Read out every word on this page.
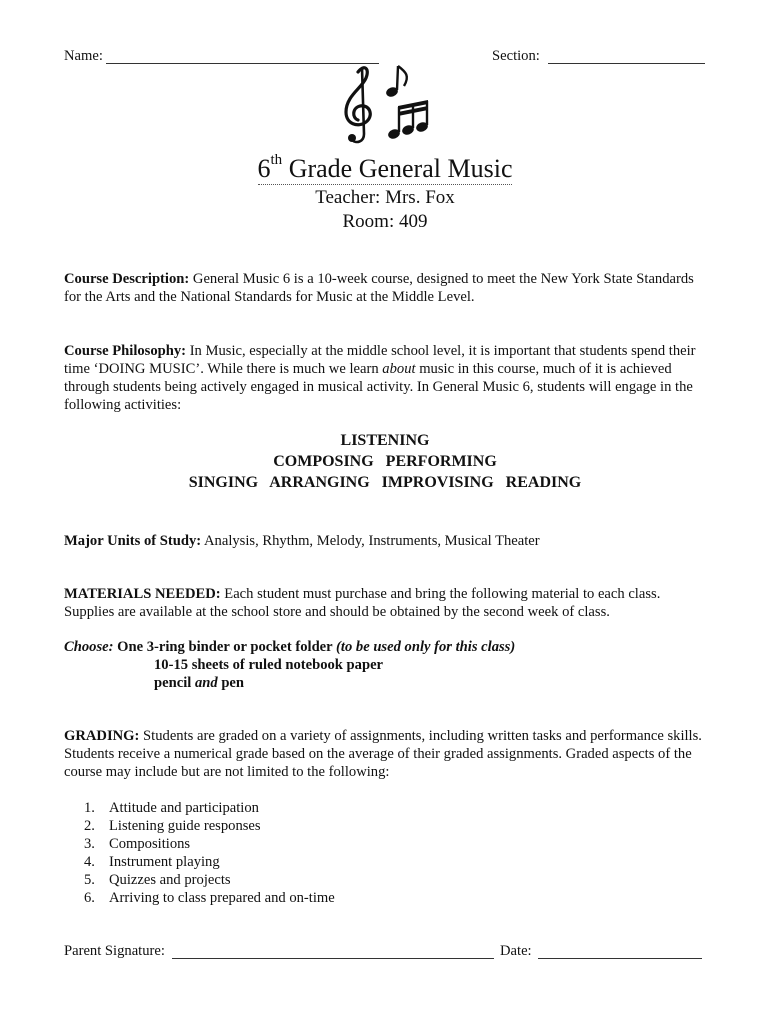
Name:	Section:
6th Grade General Music
Teacher: Mrs. Fox
Room: 409
Course Description: General Music 6 is a 10-week course, designed to meet the New York State Standards for the Arts and the National Standards for Music at the Middle Level.
Course Philosophy: In Music, especially at the middle school level, it is important that students spend their time ‘DOING MUSIC’. While there is much we learn about music in this course, much of it is achieved through students being actively engaged in musical activity. In General Music 6, students will engage in the following activities:
LISTENING
COMPOSING   PERFORMING
SINGING   ARRANGING   IMPROVISING   READING
Major Units of Study: Analysis, Rhythm, Melody, Instruments, Musical Theater
MATERIALS NEEDED: Each student must purchase and bring the following material to each class. Supplies are available at the school store and should be obtained by the second week of class.
Choose: One 3-ring binder or pocket folder (to be used only for this class)
10-15 sheets of ruled notebook paper
pencil and pen
GRADING: Students are graded on a variety of assignments, including written tasks and performance skills. Students receive a numerical grade based on the average of their graded assignments. Graded aspects of the course may include but are not limited to the following:
1. Attitude and participation
2. Listening guide responses
3. Compositions
4. Instrument playing
5. Quizzes and projects
6. Arriving to class prepared and on-time
Parent Signature:	Date:
